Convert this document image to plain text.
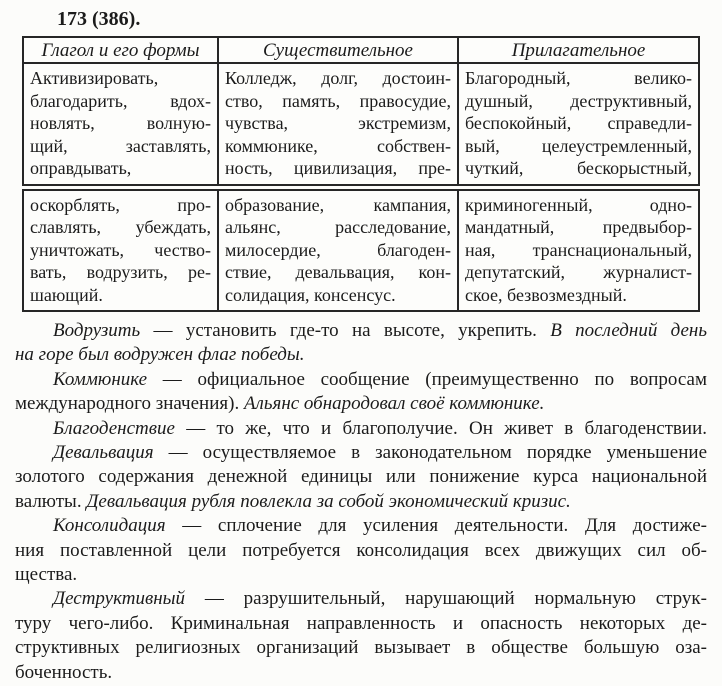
173 (386).
Глагол и его формы	Существительное	Прилагательное
Активизировать,
благодарить, вдох-
новлять, волную-
щий, заставлять,
оправдывать,
Колледж, долг, достоин-
ство, память, правосудие,
чувства, экстремизм,
коммюнике, собствен-
ность, цивилизация, пре-
Благородный, велико-
душный, деструктивный,
беспокойный, справедли-
вый, целеустремленный,
чуткий, бескорыстный,
оскорблять, про-
славлять, убеждать,
уничтожать, чество-
вать, водрузить, ре-
шающий.
образование, кампания,
альянс, расследование,
милосердие, благоден-
ствие, девальвация, кон-
солидация, консенсус.
криминогенный, одно-
мандатный, предвыбор-
ная, транснациональный,
депутатский, журналист-
ское, безвозмездный.
Водрузить — установить где-то на высоте, укрепить. В последний день
на горе был водружен флаг победы.
Коммюнике — официальное сообщение (преимущественно по вопросам
международного значения). Альянс обнародовал своё коммюнике.
Благоденствие — то же, что и благополучие. Он живет в благоденствии.
Девальвация — осуществляемое в законодательном порядке уменьшение
золотого содержания денежной единицы или понижение курса национальной
валюты. Девальвация рубля повлекла за собой экономический кризис.
Консолидация — сплочение для усиления деятельности. Для достиже-
ния поставленной цели потребуется консолидация всех движущих сил об-
щества.
Деструктивный — разрушительный, нарушающий нормальную струк-
туру чего-либо. Криминальная направленность и опасность некоторых де-
структивных религиозных организаций вызывает в обществе большую оза-
боченность.
